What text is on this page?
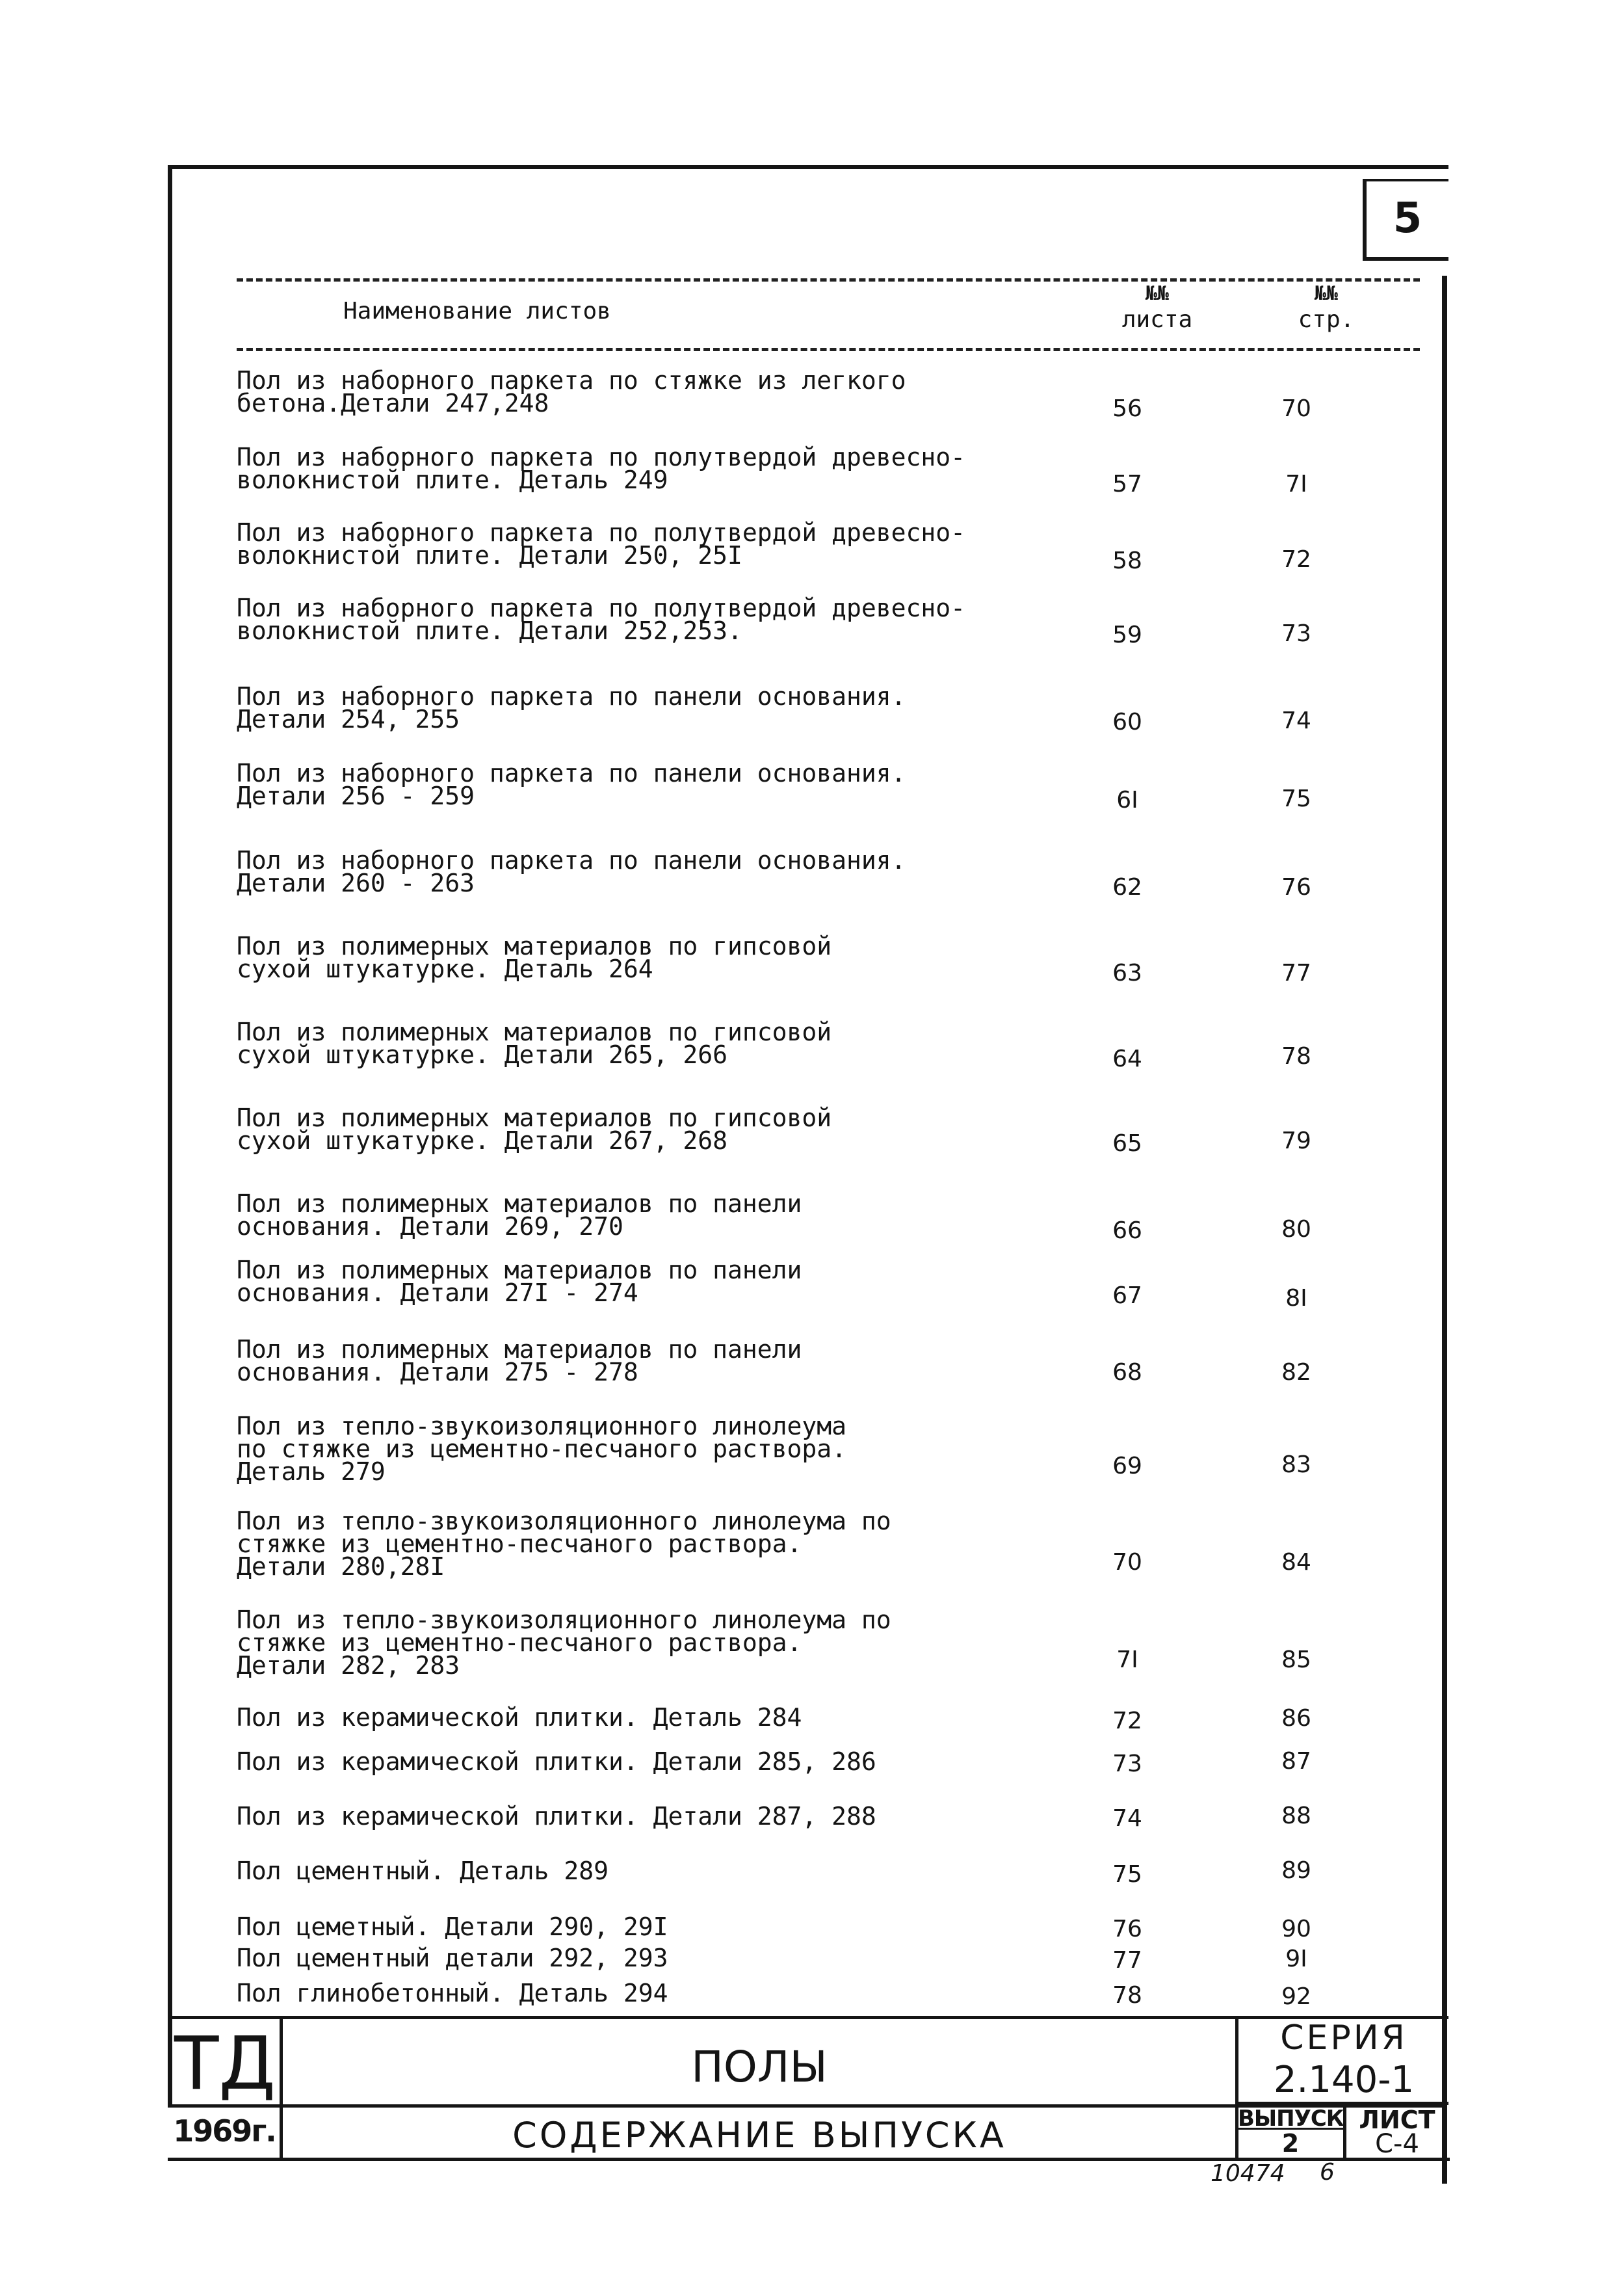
5
Наименование листов
№№
листа
№№
стр.
Пол из наборного паркета по стяжке из легкого
бетона.Детали 247,248	56	70
Пол из наборного паркета по полутвердой древесно-
волокнистой плите. Деталь 249	57	7I
Пол из наборного паркета по полутвердой древесно-
волокнистой плите. Детали 250, 25I	58	72
Пол из наборного паркета по полутвердой древесно-
волокнистой плите. Детали 252,253.	59	73
Пол из наборного паркета по панели основания.
Детали 254, 255	60	74
Пол из наборного паркета по панели основания.
Детали 256 - 259	6I	75
Пол из наборного паркета по панели основания.
Детали 260 - 263	62	76
Пол из полимерных материалов по гипсовой
сухой штукатурке. Деталь 264	63	77
Пол из полимерных материалов по гипсовой
сухой штукатурке. Детали 265, 266	64	78
Пол из полимерных материалов по гипсовой
сухой штукатурке. Детали 267, 268	65	79
Пол из полимерных материалов по панели
основания. Детали 269, 270	66	80
Пол из полимерных материалов по панели
основания. Детали 27I - 274	67	8I
Пол из полимерных материалов по панели
основания. Детали 275 - 278	68	82
Пол из тепло-звукоизоляционного линолеума
по стяжке из цементно-песчаного раствора.
Деталь 279	69	83
Пол из тепло-звукоизоляционного линолеума по
стяжке из цементно-песчаного раствора.
Детали 280,28I	70	84
Пол из тепло-звукоизоляционного линолеума по
стяжке из цементно-песчаного раствора.
Детали 282, 283	7I	85
Пол из керамической плитки. Деталь 284	72	86
Пол из керамической плитки. Детали 285, 286	73	87
Пол из керамической плитки. Детали 287, 288	74	88
Пол цементный. Деталь 289	75	89
Пол цеметный. Детали 290, 29I	76	90
Пол цементный детали 292, 293	77	9I
Пол глинобетонный. Деталь 294	78	92
ТД
1969г.
ПОЛЫ
СОДЕРЖАНИЕ ВЫПУСКА
СЕРИЯ
2.140-1
ВЫПУСК
2
ЛИСТ
С-4
10474 6
